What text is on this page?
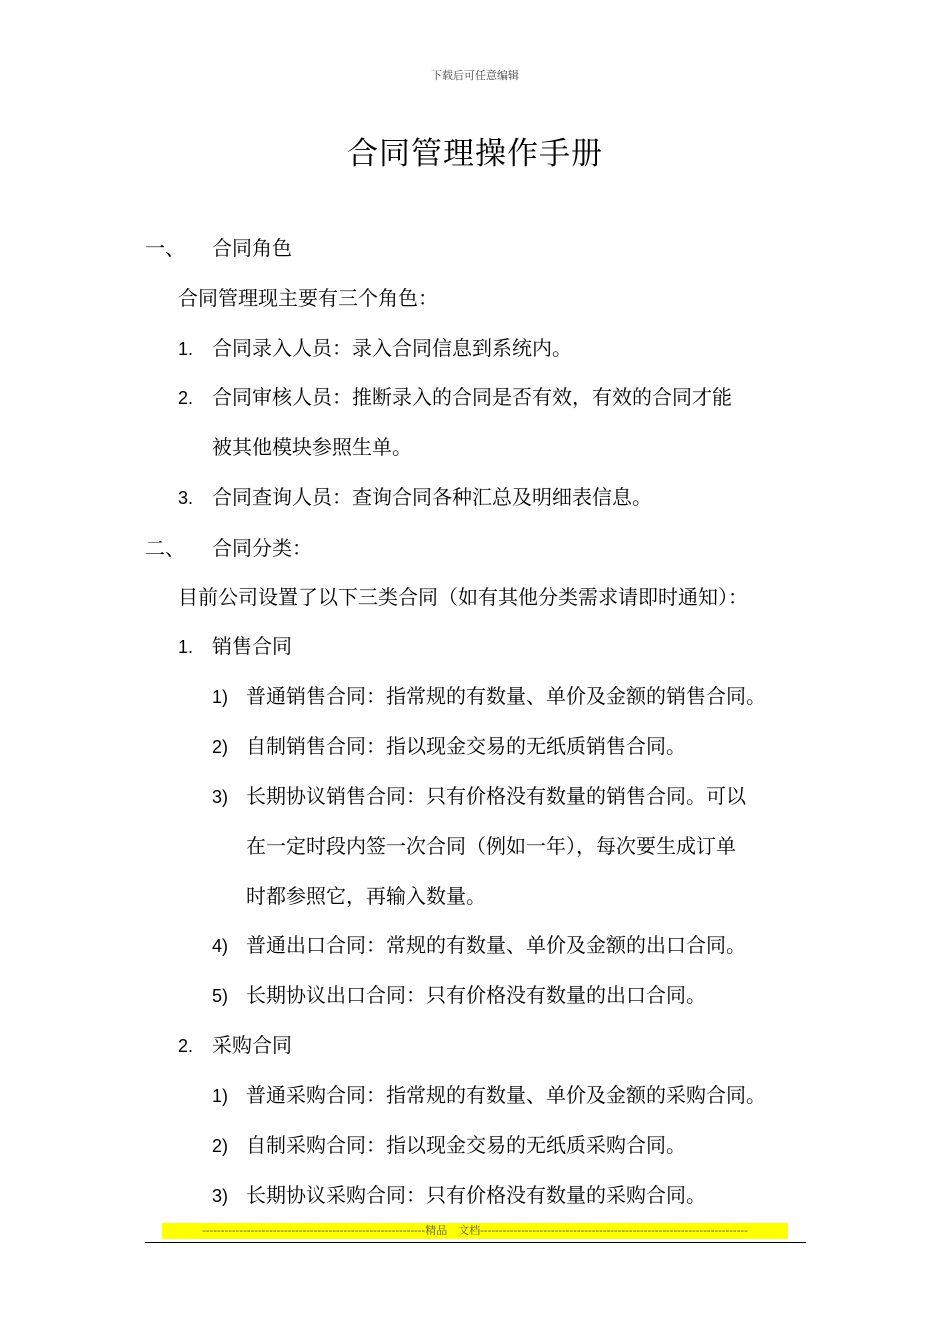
下载后可任意编辑
合同管理操作手册
一、 合同角色
合同管理现主要有三个角色：
1. 合同录入人员：录入合同信息到系统内。
2. 合同审核人员：推断录入的合同是否有效，有效的合同才能
被其他模块参照生单。
3. 合同查询人员：查询合同各种汇总及明细表信息。
二、 合同分类：
目前公司设置了以下三类合同（如有其他分类需求请即时通知）：
1. 销售合同
1) 普通销售合同：指常规的有数量、单价及金额的销售合同。
2) 自制销售合同：指以现金交易的无纸质销售合同。
3) 长期协议销售合同：只有价格没有数量的销售合同。可以
在一定时段内签一次合同（例如一年），每次要生成订单
时都参照它，再输入数量。
4) 普通出口合同：常规的有数量、单价及金额的出口合同。
5) 长期协议出口合同：只有价格没有数量的出口合同。
2. 采购合同
1) 普通采购合同：指常规的有数量、单价及金额的采购合同。
2) 自制采购合同：指以现金交易的无纸质采购合同。
3) 长期协议采购合同：只有价格没有数量的采购合同。
------------------------------------------------------------精品　文档------------------------------------------------------------------------
